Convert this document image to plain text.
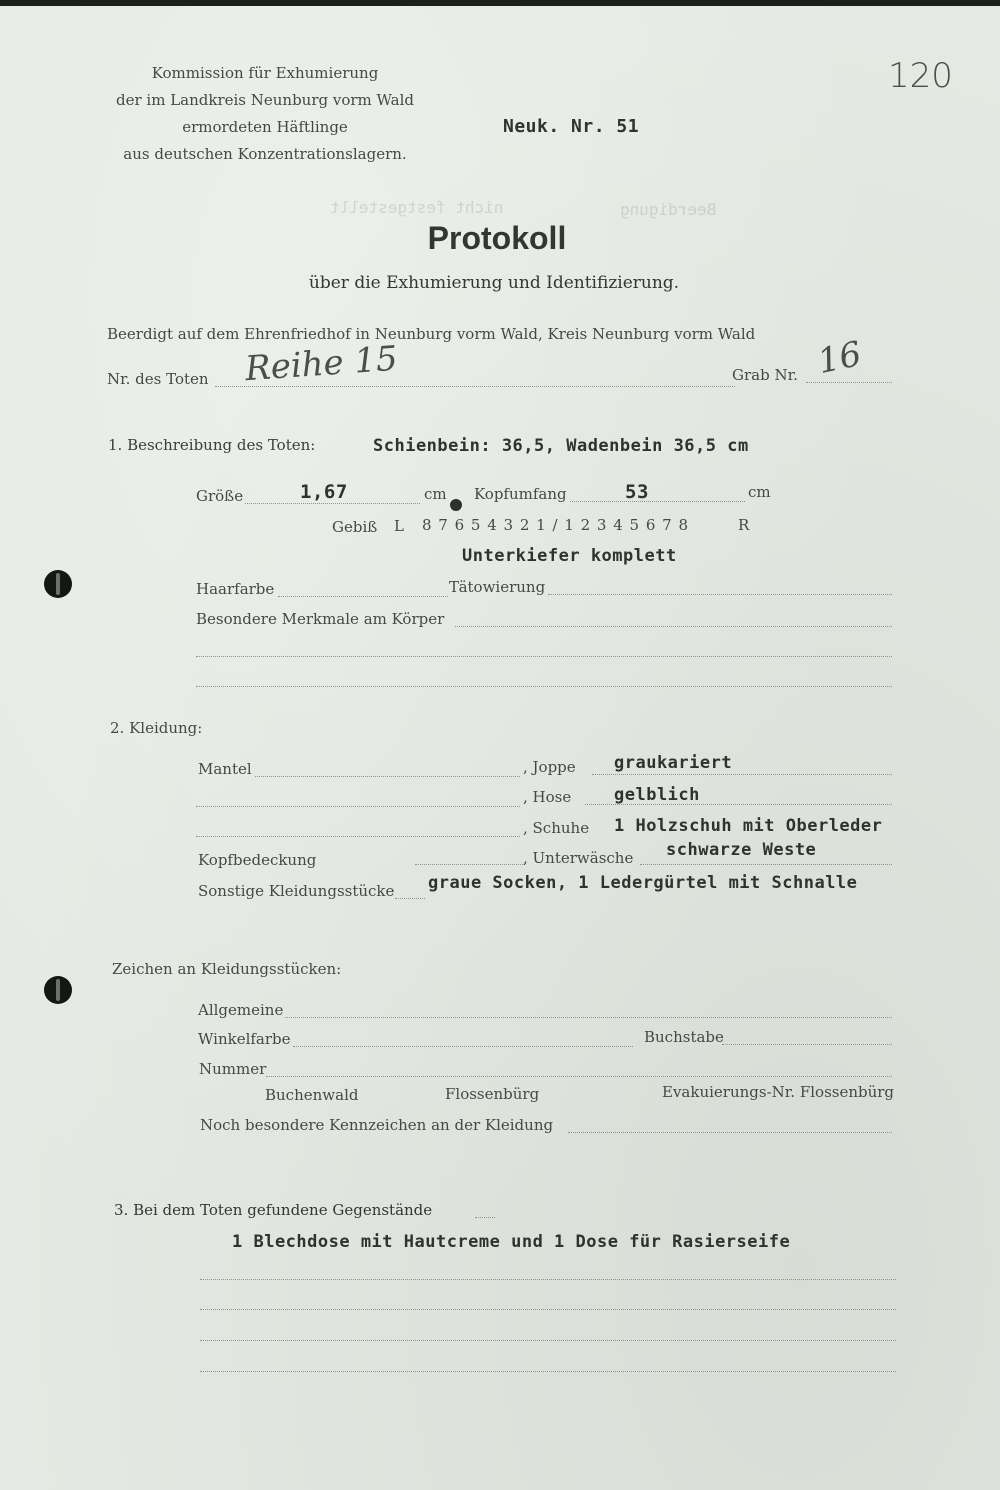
nicht festgestellt	Beerdigung
Kommission für Exhumierung
der im Landkreis Neunburg vorm Wald
ermordeten Häftlinge
aus deutschen Konzentrationslagern.
Neuk. Nr. 51
120
Protokoll
über die Exhumierung und Identifizierung.
Beerdigt auf dem Ehrenfriedhof in Neunburg vorm Wald, Kreis Neunburg vorm Wald
Nr. des Toten Reihe 15	Grab Nr. 16
1. Beschreibung des Toten:	Schienbein: 36,5, Wadenbein 36,5 cm
Größe	1,67	cm Kopfumfang	53	cm
Gebiß L 8 7 6 5 4 3 2 1 / 1 2 3 4 5 6 7 8	R
Unterkiefer komplett
Haarfarbe	Tätowierung
Besondere Merkmale am Körper
2. Kleidung:
Mantel	, Joppe graukariert
, Hose	gelblich
, Schuhe 1 Holzschuh mit Oberleder
Kopfbedeckung	, Unterwäsche schwarze Weste
Sonstige Kleidungsstücke graue Socken, 1 Ledergürtel mit Schnalle
Zeichen an Kleidungsstücken:
Allgemeine
Winkelfarbe	Buchstabe
Nummer
Buchenwald	Flossenbürg	Evakuierungs-Nr. Flossenbürg
Noch besondere Kennzeichen an der Kleidung
3. Bei dem Toten gefundene Gegenstände
1 Blechdose mit Hautcreme und 1 Dose für Rasierseife
